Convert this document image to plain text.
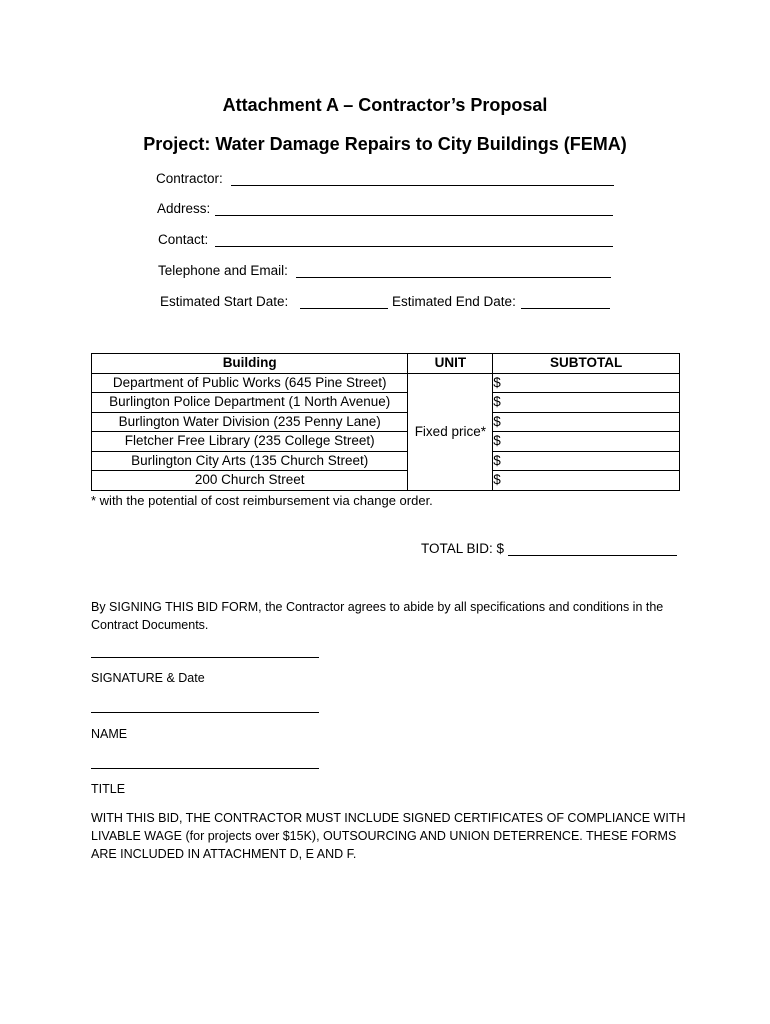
Attachment A – Contractor’s Proposal
Project: Water Damage Repairs to City Buildings (FEMA)
Contractor:
Address:
Contact:
Telephone and Email:
Estimated Start Date:	Estimated End Date:
Building	UNIT	SUBTOTAL
Department of Public Works (645 Pine Street)	Fixed price*	$
Burlington Police Department (1 North Avenue)		$
Burlington Water Division (235 Penny Lane)		$
Fletcher Free Library (235 College Street)		$
Burlington City Arts (135 Church Street)		$
200 Church Street		$
* with the potential of cost reimbursement via change order.
TOTAL BID: $
By SIGNING THIS BID FORM, the Contractor agrees to abide by all specifications and conditions in the Contract Documents.
SIGNATURE & Date
NAME
TITLE
WITH THIS BID, THE CONTRACTOR MUST INCLUDE SIGNED CERTIFICATES OF COMPLIANCE WITH LIVABLE WAGE (for projects over $15K), OUTSOURCING AND UNION DETERRENCE. THESE FORMS ARE INCLUDED IN ATTACHMENT D, E AND F.
